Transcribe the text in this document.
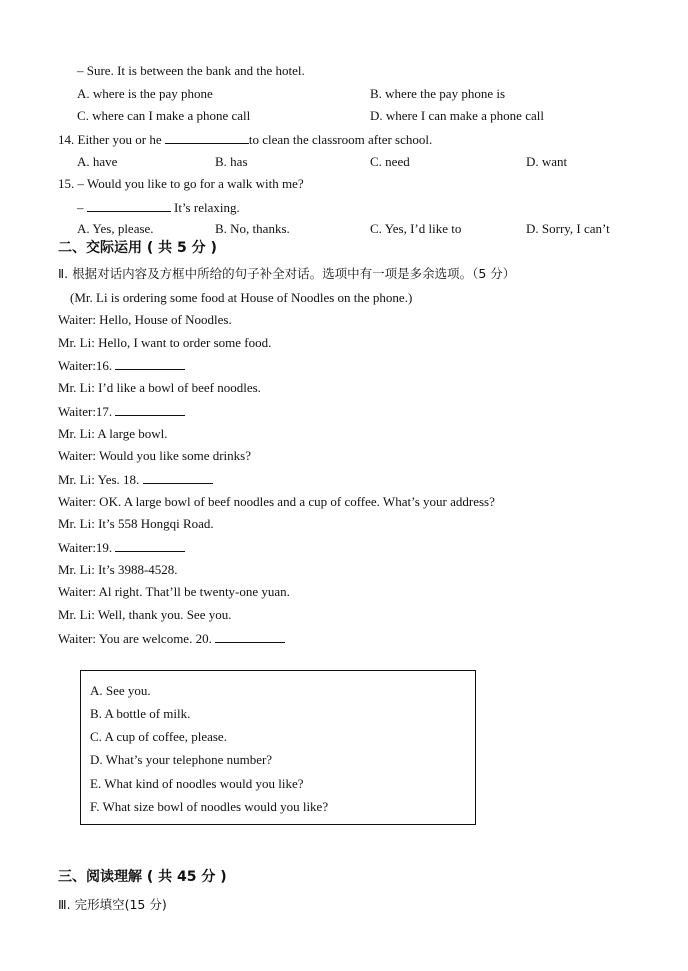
– Sure. It is between the bank and the hotel.
A. where is the pay phone	B. where the pay phone is
C. where can I make a phone call	D. where I can make a phone call
14. Either you or he	to clean the classroom after school.
A. have	B. has	C. need	D. want
15. – Would you like to go for a walk with me?
–	It’s relaxing.
A. Yes, please.	B. No, thanks.	C. Yes, I’d like to	D. Sorry, I can’t
二、交际运用 ( 共 5 分 )
Ⅱ. 根据对话内容及方框中所给的句子补全对话。选项中有一项是多余选项。（5 分）
(Mr. Li is ordering some food at House of Noodles on the phone.)
Waiter: Hello, House of Noodles.
Mr. Li: Hello, I want to order some food.
Waiter:16.
Mr. Li: I’d like a bowl of beef noodles.
Waiter:17.
Mr. Li: A large bowl.
Waiter: Would you like some drinks?
Mr. Li: Yes. 18.
Waiter: OK. A large bowl of beef noodles and a cup of coffee. What’s your address?
Mr. Li: It’s 558 Hongqi Road.
Waiter:19.
Mr. Li: It’s 3988-4528.
Waiter: Al right. That’ll be twenty-one yuan.
Mr. Li: Well, thank you. See you.
Waiter: You are welcome. 20.
A. See you.
B. A bottle of milk.
C. A cup of coffee, please.
D. What’s your telephone number?
E. What kind of noodles would you like?
F. What size bowl of noodles would you like?
三、阅读理解 ( 共 45 分 )
Ⅲ. 完形填空(15 分)
